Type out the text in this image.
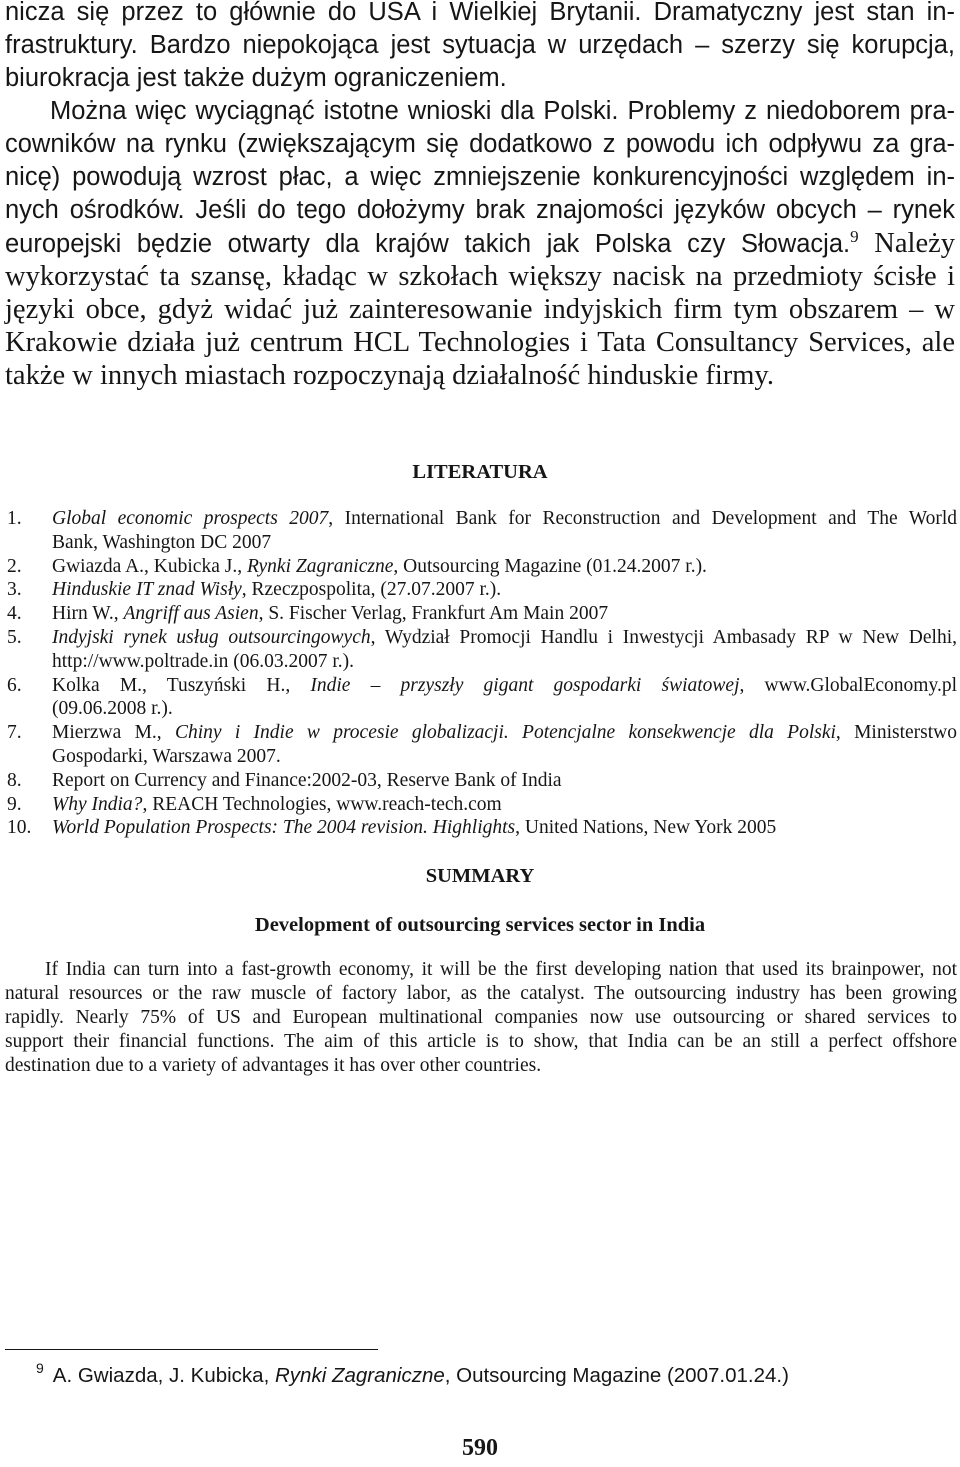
nicza się przez to głównie do USA i Wielkiej Brytanii. Dramatyczny jest stan in-
frastruktury. Bardzo niepokojąca jest sytuacja w urzędach – szerzy się korupcja,
biurokracja jest także dużym ograniczeniem.
Można więc wyciągnąć istotne wnioski dla Polski. Problemy z niedoborem pra-
cowników na rynku (zwiększającym się dodatkowo z powodu ich odpływu za gra-
nicę) powodują wzrost płac, a więc zmniejszenie konkurencyjności względem in-
nych ośrodków. Jeśli do tego dołożymy brak znajomości języków obcych – rynek
europejski będzie otwarty dla krajów takich jak Polska czy Słowacja.$^9$ Należy
wykorzystać ta szansę, kładąc w szkołach większy nacisk na przedmioty ścisłe i
języki obce, gdyż widać już zainteresowanie indyjskich firm tym obszarem – w
Krakowie działa już centrum HCL Technologies i Tata Consultancy Services, ale
także w innych miastach rozpoczynają działalność hinduskie firmy.
LITERATURA
1. Global economic prospects 2007, International Bank for Reconstruction and Development and The World
Bank, Washington DC 2007
2. Gwiazda A., Kubicka J., Rynki Zagraniczne, Outsourcing Magazine (01.24.2007 r.).
3. Hinduskie IT znad Wisły, Rzeczpospolita, (27.07.2007 r.).
4. Hirn W., Angriff aus Asien, S. Fischer Verlag, Frankfurt Am Main 2007
5. Indyjski rynek usług outsourcingowych, Wydział Promocji Handlu i Inwestycji Ambasady RP w New Delhi,
http://www.poltrade.in (06.03.2007 r.).
6. Kolka M., Tuszyński H., Indie – przyszły gigant gospodarki światowej, www.GlobalEconomy.pl
(09.06.2008 r.).
7. Mierzwa M., Chiny i Indie w procesie globalizacji. Potencjalne konsekwencje dla Polski, Ministerstwo
Gospodarki, Warszawa 2007.
8. Report on Currency and Finance:2002-03, Reserve Bank of India
9. Why India?, REACH Technologies, www.reach-tech.com
10. World Population Prospects: The 2004 revision. Highlights, United Nations, New York 2005
SUMMARY
Development of outsourcing services sector in India
If India can turn into a fast-growth economy, it will be the first developing nation that used its brainpower, not
natural resources or the raw muscle of factory labor, as the catalyst. The outsourcing industry has been growing
rapidly. Nearly 75% of US and European multinational companies now use outsourcing or shared services to
support their financial functions. The aim of this article is to show, that India can be an still a perfect offshore
destination due to a variety of advantages it has over other countries.
$^9$ A. Gwiazda, J. Kubicka, Rynki Zagraniczne, Outsourcing Magazine (2007.01.24.)
590
